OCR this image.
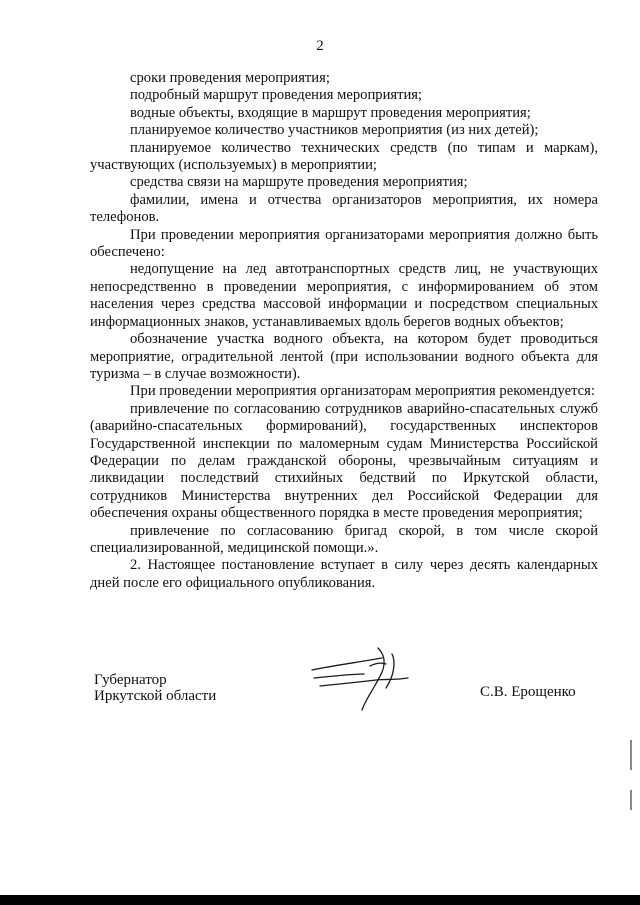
2

сроки проведения мероприятия;

подробный маршрут проведения мероприятия;

водные объекты, входящие в маршрут проведения мероприятия;

планируемое количество участников мероприятия (из них детей);

планируемое количество технических средств (по типам и маркам), участвующих (используемых) в мероприятии;

средства связи на маршруте проведения мероприятия;

фамилии, имена и отчества организаторов мероприятия, их номера телефонов.

При проведении мероприятия организаторами мероприятия должно быть обеспечено:

недопущение на лед автотранспортных средств лиц, не участвующих непосредственно в проведении мероприятия, с информированием об этом населения через средства массовой информации и посредством специальных информационных знаков, устанавливаемых вдоль берегов водных объектов;

обозначение участка водного объекта, на котором будет проводиться мероприятие, оградительной лентой (при использовании водного объекта для туризма – в случае возможности).

При проведении мероприятия организаторам мероприятия рекомендуется:

привлечение по согласованию сотрудников аварийно-спасательных служб (аварийно-спасательных формирований), государственных инспекторов Государственной инспекции по маломерным судам Министерства Российской Федерации по делам гражданской обороны, чрезвычайным ситуациям и ликвидации последствий стихийных бедствий по Иркутской области, сотрудников Министерства внутренних дел Российской Федерации для обеспечения охраны общественного порядка в месте проведения мероприятия;

привлечение по согласованию бригад скорой, в том числе скорой специализированной, медицинской помощи.».

2. Настоящее постановление вступает в силу через десять календарных дней после его официального опубликования.

Губернатор
Иркутской области	С.В. Ерощенко
